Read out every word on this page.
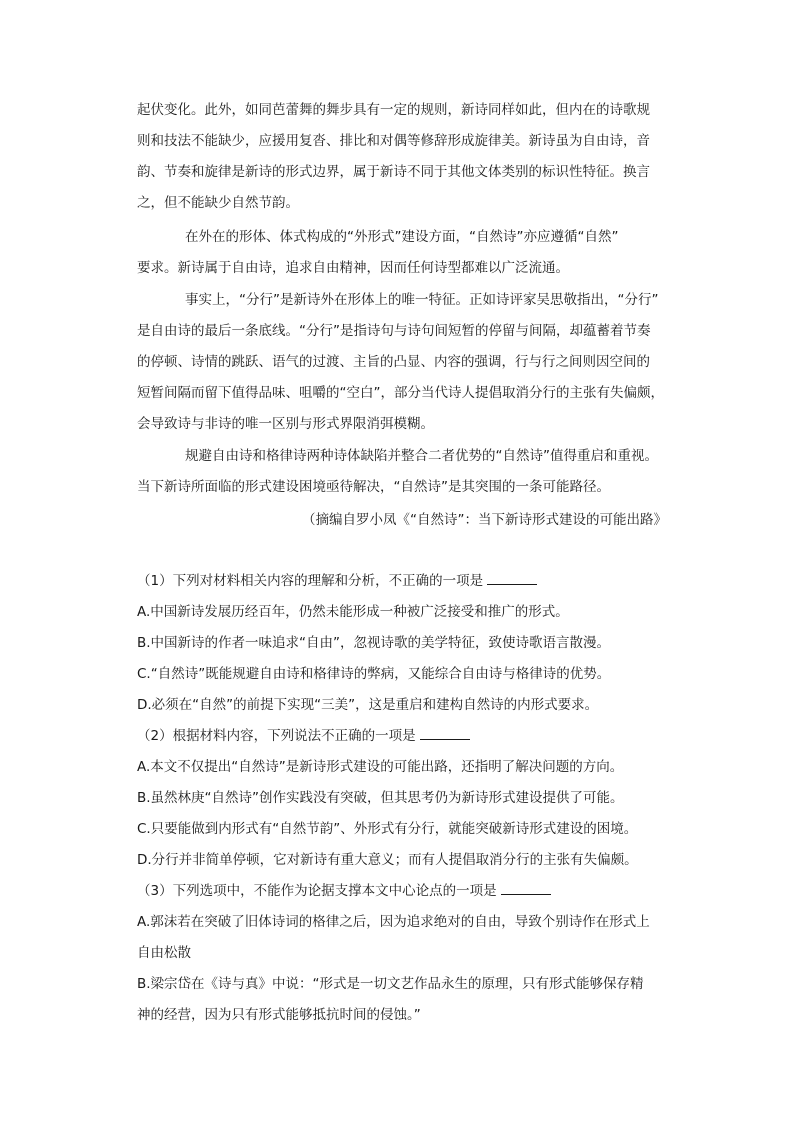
起伏变化。此外，如同芭蕾舞的舞步具有一定的规则，新诗同样如此，但内在的诗歌规
则和技法不能缺少，应援用复沓、排比和对偶等修辞形成旋律美。新诗虽为自由诗，音
韵、节奏和旋律是新诗的形式边界，属于新诗不同于其他文体类别的标识性特征。换言
之，但不能缺少自然节韵。
在外在的形体、体式构成的“外形式”建设方面，“自然诗”亦应遵循“自然”
要求。新诗属于自由诗，追求自由精神，因而任何诗型都难以广泛流通。
事实上，“分行”是新诗外在形体上的唯一特征。正如诗评家吴思敬指出，“分行”
是自由诗的最后一条底线。“分行”是指诗句与诗句间短暂的停留与间隔，却蕴蓄着节奏
的停顿、诗情的跳跃、语气的过渡、主旨的凸显、内容的强调，行与行之间则因空间的
短暂间隔而留下值得品味、咀嚼的“空白”，部分当代诗人提倡取消分行的主张有失偏颇，
会导致诗与非诗的唯一区别与形式界限消弭模糊。
规避自由诗和格律诗两种诗体缺陷并整合二者优势的“自然诗”值得重启和重视。
当下新诗所面临的形式建设困境亟待解决，“自然诗”是其突围的一条可能路径。
（摘编自罗小凤《“自然诗”：当下新诗形式建设的可能出路》
（1）下列对材料相关内容的理解和分析，不正确的一项是
A.中国新诗发展历经百年，仍然未能形成一种被广泛接受和推广的形式。
B.中国新诗的作者一味追求“自由”，忽视诗歌的美学特征，致使诗歌语言散漫。
C.“自然诗”既能规避自由诗和格律诗的弊病，又能综合自由诗与格律诗的优势。
D.必须在“自然”的前提下实现“三美”，这是重启和建构自然诗的内形式要求。
（2）根据材料内容，下列说法不正确的一项是
A.本文不仅提出“自然诗”是新诗形式建设的可能出路，还指明了解决问题的方向。
B.虽然林庚“自然诗”创作实践没有突破，但其思考仍为新诗形式建设提供了可能。
C.只要能做到内形式有“自然节韵”、外形式有分行，就能突破新诗形式建设的困境。
D.分行并非简单停顿，它对新诗有重大意义；而有人提倡取消分行的主张有失偏颇。
（3）下列选项中，不能作为论据支撑本文中心论点的一项是
A.郭沫若在突破了旧体诗词的格律之后，因为追求绝对的自由，导致个别诗作在形式上
自由松散
B.梁宗岱在《诗与真》中说：“形式是一切文艺作品永生的原理，只有形式能够保存精
神的经营，因为只有形式能够抵抗时间的侵蚀。”
